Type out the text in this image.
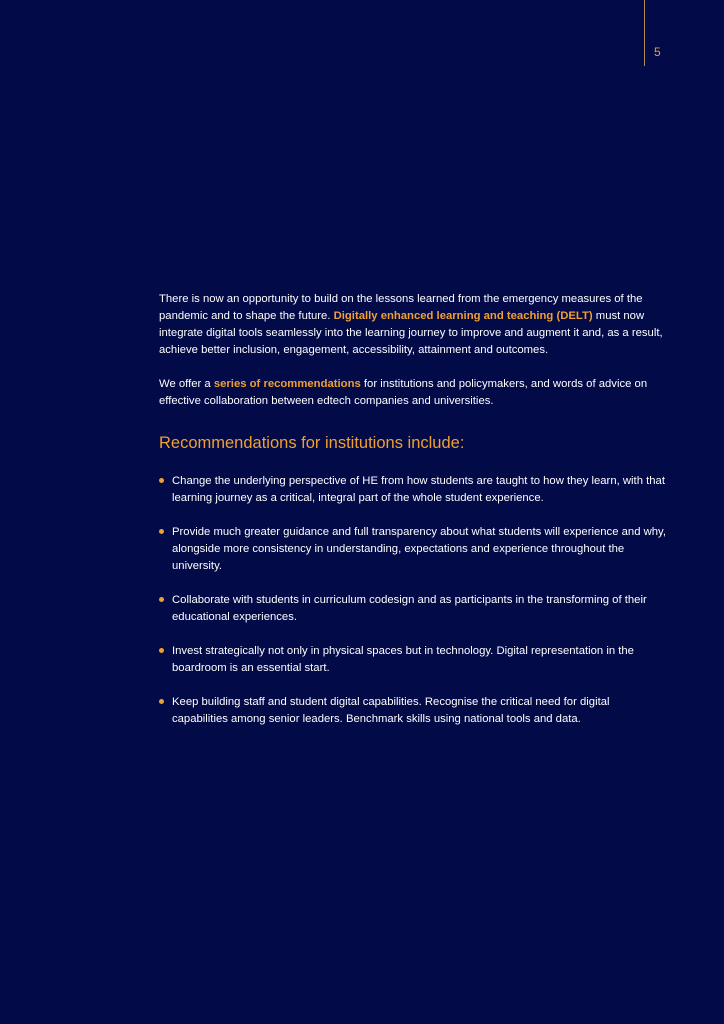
5

There is now an opportunity to build on the lessons learned from the emergency measures of the pandemic and to shape the future. Digitally enhanced learning and teaching (DELT) must now integrate digital tools seamlessly into the learning journey to improve and augment it and, as a result, achieve better inclusion, engagement, accessibility, attainment and outcomes.

We offer a series of recommendations for institutions and policymakers, and words of advice on effective collaboration between edtech companies and universities.

Recommendations for institutions include:
Change the underlying perspective of HE from how students are taught to how they learn, with that learning journey as a critical, integral part of the whole student experience.
Provide much greater guidance and full transparency about what students will experience and why, alongside more consistency in understanding, expectations and experience throughout the university.
Collaborate with students in curriculum codesign and as participants in the transforming of their educational experiences.
Invest strategically not only in physical spaces but in technology. Digital representation in the boardroom is an essential start.
Keep building staff and student digital capabilities. Recognise the critical need for digital capabilities among senior leaders. Benchmark skills using national tools and data.
